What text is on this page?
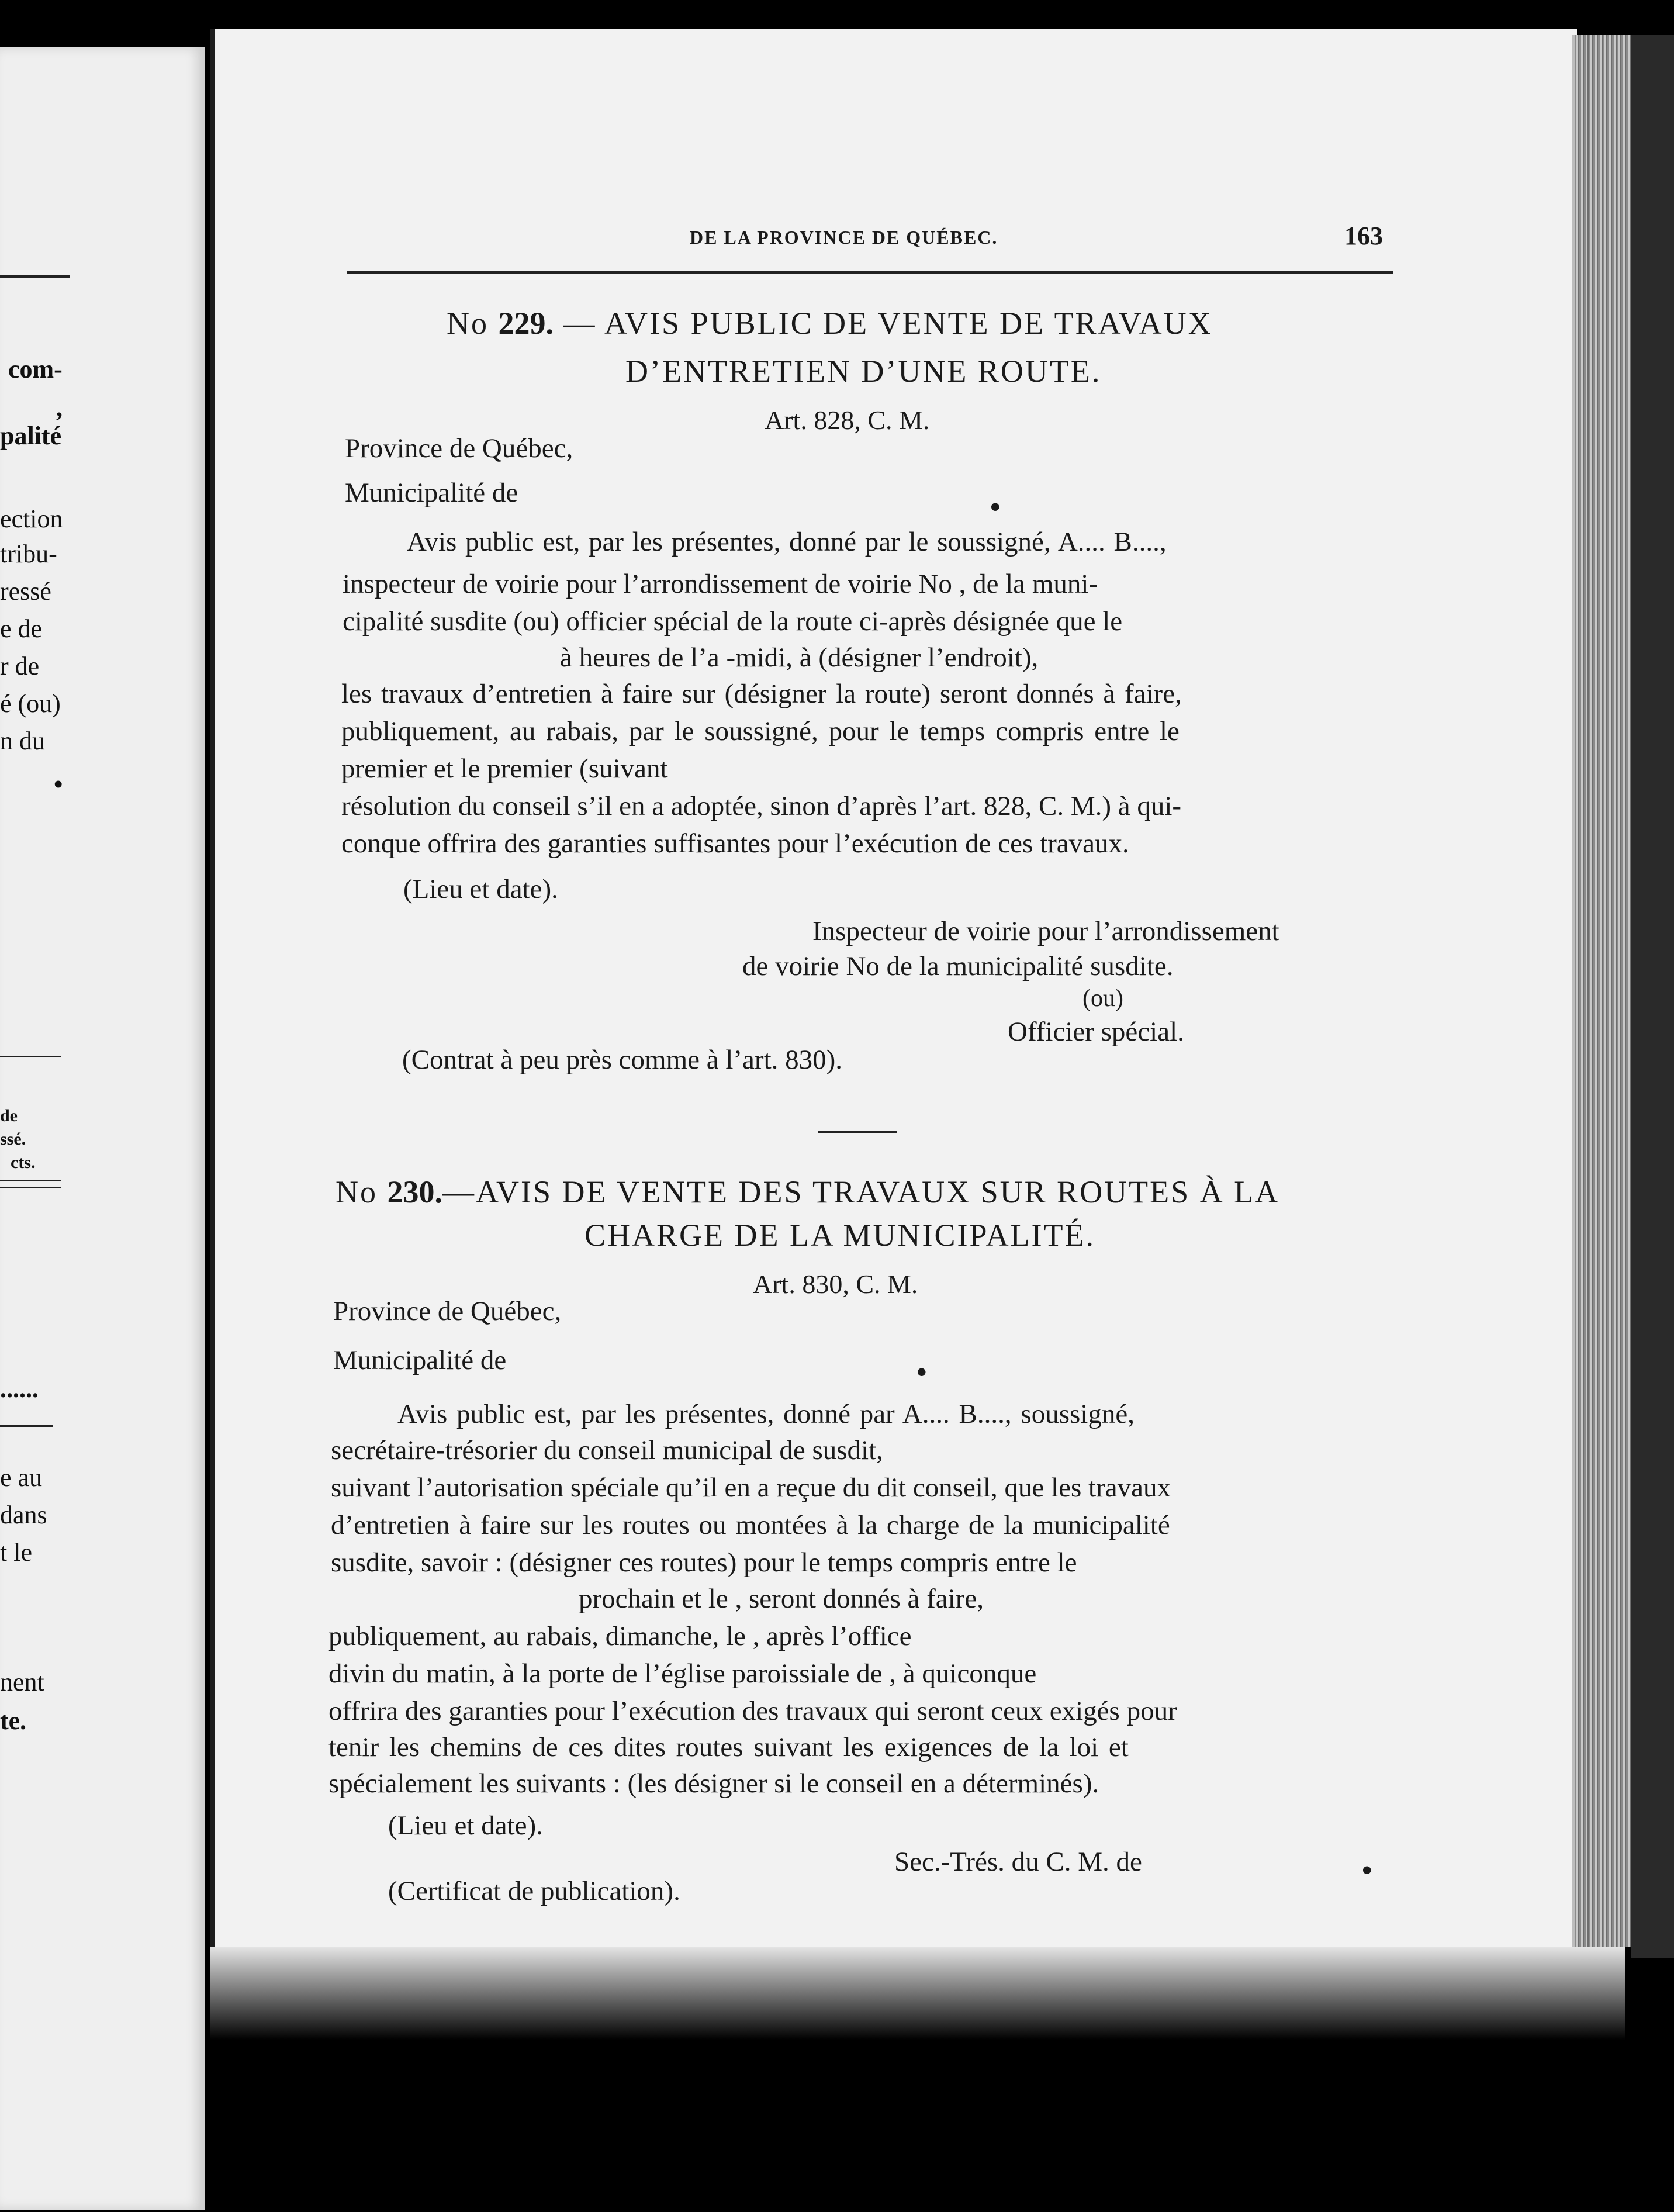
com-
,
palité
ection
tribu-
ressé
e de
r de
é (ou)
n du
•
de
ssé.
cts.
......
e au
dans
t le
nent
te.
DE LA PROVINCE DE QUÉBEC.	163
No 229. — AVIS PUBLIC DE VENTE DE TRAVAUX
D’ENTRETIEN D’UNE ROUTE.
Art. 828, C. M.
Province de Québec,
Municipalité de	•
Avis public est, par les présentes, donné par le soussigné, A.... B....,
inspecteur de voirie pour l’arrondissement de voirie No , de la muni-
cipalité susdite (ou) officier spécial de la route ci-après désignée que le
à heures de l’a -midi, à (désigner l’endroit),
les travaux d’entretien à faire sur (désigner la route) seront donnés à faire,
publiquement, au rabais, par le soussigné, pour le temps compris entre le
premier et le premier (suivant
résolution du conseil s’il en a adoptée, sinon d’après l’art. 828, C. M.) à qui-
conque offrira des garanties suffisantes pour l’exécution de ces travaux.
(Lieu et date).
Inspecteur de voirie pour l’arrondissement
de voirie No de la municipalité susdite.
(ou)
Officier spécial.
(Contrat à peu près comme à l’art. 830).
No 230.—AVIS DE VENTE DES TRAVAUX SUR ROUTES À LA
CHARGE DE LA MUNICIPALITÉ.
Art. 830, C. M.
Province de Québec,
Municipalité de	•
Avis public est, par les présentes, donné par A.... B...., soussigné,
secrétaire-trésorier du conseil municipal de susdit,
suivant l’autorisation spéciale qu’il en a reçue du dit conseil, que les travaux
d’entretien à faire sur les routes ou montées à la charge de la municipalité
susdite, savoir : (désigner ces routes) pour le temps compris entre le
prochain et le , seront donnés à faire,
publiquement, au rabais, dimanche, le , après l’office
divin du matin, à la porte de l’église paroissiale de , à quiconque
offrira des garanties pour l’exécution des travaux qui seront ceux exigés pour
tenir les chemins de ces dites routes suivant les exigences de la loi et
spécialement les suivants : (les désigner si le conseil en a déterminés).
(Lieu et date).
Sec.-Trés. du C. M. de	•
(Certificat de publication).
